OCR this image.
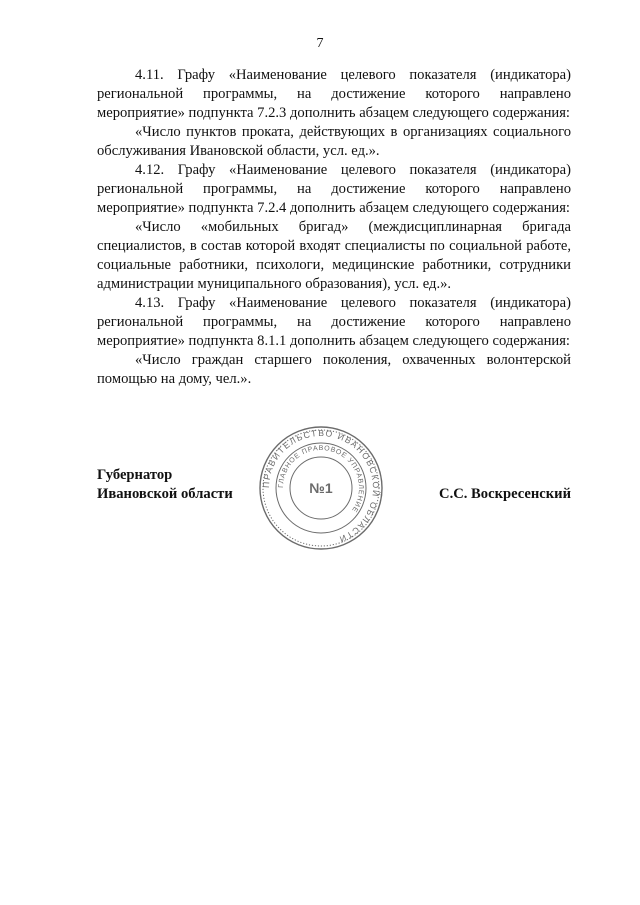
7

4.11. Графу «Наименование целевого показателя (индикатора) региональной программы, на достижение которого направлено мероприятие» подпункта 7.2.3 дополнить абзацем следующего содержания:

«Число пунктов проката, действующих в организациях социального обслуживания Ивановской области, усл. ед.».

4.12. Графу «Наименование целевого показателя (индикатора) региональной программы, на достижение которого направлено мероприятие» подпункта 7.2.4 дополнить абзацем следующего содержания:

«Число «мобильных бригад» (междисциплинарная бригада специалистов, в состав которой входят специалисты по социальной работе, социальные работники, психологи, медицинские работники, сотрудники администрации муниципального образования), усл. ед.».

4.13. Графу «Наименование целевого показателя (индикатора) региональной программы, на достижение которого направлено мероприятие» подпункта 8.1.1 дополнить абзацем следующего содержания:

«Число граждан старшего поколения, охваченных волонтерской помощью на дому, чел.».

Губернатор
Ивановской области	С.С. Воскресенский
ПРАВИТЕЛЬСТВО ИВАНОВСКОЙ ОБЛАСТИ
ГЛАВНОЕ ПРАВОВОЕ УПРАВЛЕНИЕ
№1
